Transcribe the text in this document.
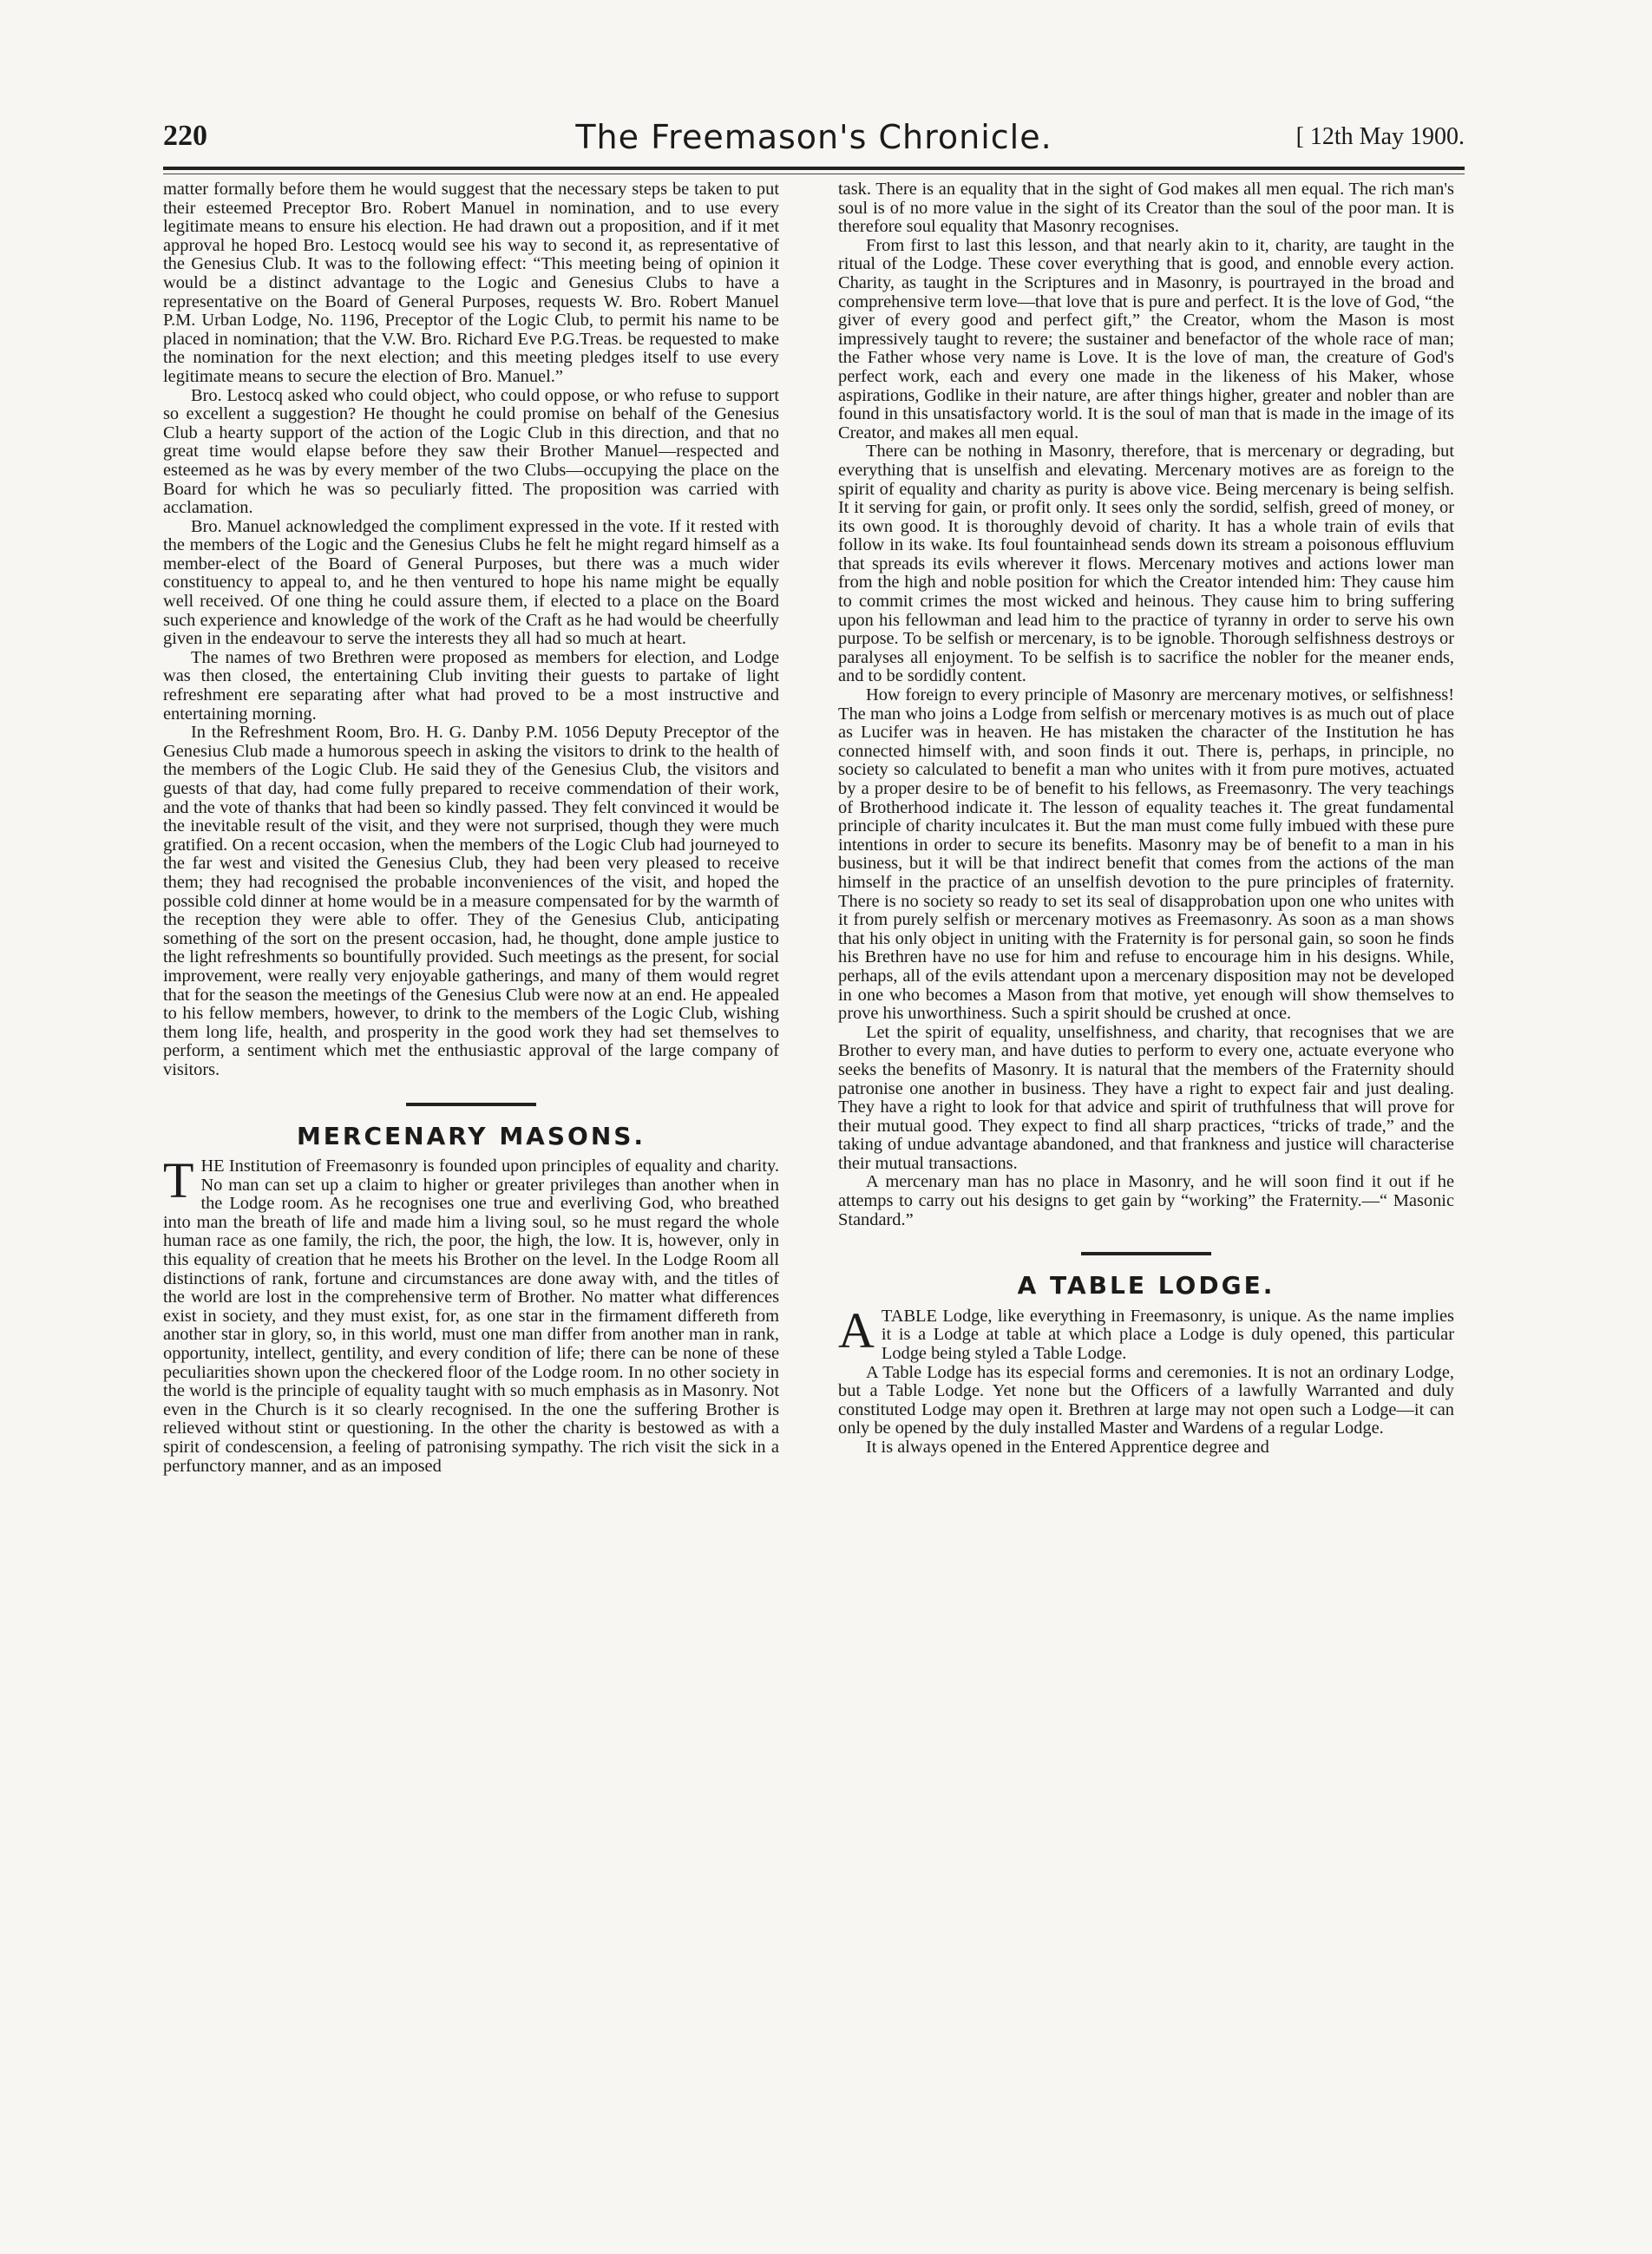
220	The Freemason's Chronicle.	[ 12th May 1900.

matter formally before them he would suggest that the necessary steps be taken to put their esteemed Preceptor Bro. Robert Manuel in nomination, and to use every legitimate means to ensure his election. He had drawn out a proposition, and if it met approval he hoped Bro. Lestocq would see his way to second it, as representative of the Genesius Club. It was to the following effect: “This meeting being of opinion it would be a distinct advantage to the Logic and Genesius Clubs to have a representative on the Board of General Purposes, requests W. Bro. Robert Manuel P.M. Urban Lodge, No. 1196, Preceptor of the Logic Club, to permit his name to be placed in nomination; that the V.W. Bro. Richard Eve P.G.Treas. be requested to make the nomination for the next election; and this meeting pledges itself to use every legitimate means to secure the election of Bro. Manuel.”

Bro. Lestocq asked who could object, who could oppose, or who refuse to support so excellent a suggestion? He thought he could promise on behalf of the Genesius Club a hearty support of the action of the Logic Club in this direction, and that no great time would elapse before they saw their Brother Manuel—respected and esteemed as he was by every member of the two Clubs—occupying the place on the Board for which he was so peculiarly fitted. The proposition was carried with acclamation.

Bro. Manuel acknowledged the compliment expressed in the vote. If it rested with the members of the Logic and the Genesius Clubs he felt he might regard himself as a member-elect of the Board of General Purposes, but there was a much wider constituency to appeal to, and he then ventured to hope his name might be equally well received. Of one thing he could assure them, if elected to a place on the Board such experience and knowledge of the work of the Craft as he had would be cheerfully given in the endeavour to serve the interests they all had so much at heart.

The names of two Brethren were proposed as members for election, and Lodge was then closed, the entertaining Club inviting their guests to partake of light refreshment ere separating after what had proved to be a most instructive and entertaining morning.

In the Refreshment Room, Bro. H. G. Danby P.M. 1056 Deputy Preceptor of the Genesius Club made a humorous speech in asking the visitors to drink to the health of the members of the Logic Club. He said they of the Genesius Club, the visitors and guests of that day, had come fully prepared to receive commendation of their work, and the vote of thanks that had been so kindly passed. They felt convinced it would be the inevitable result of the visit, and they were not surprised, though they were much gratified. On a recent occasion, when the members of the Logic Club had journeyed to the far west and visited the Genesius Club, they had been very pleased to receive them; they had recognised the probable inconveniences of the visit, and hoped the possible cold dinner at home would be in a measure compensated for by the warmth of the reception they were able to offer. They of the Genesius Club, anticipating something of the sort on the present occasion, had, he thought, done ample justice to the light refreshments so bountifully provided. Such meetings as the present, for social improvement, were really very enjoyable gatherings, and many of them would regret that for the season the meetings of the Genesius Club were now at an end. He appealed to his fellow members, however, to drink to the members of the Logic Club, wishing them long life, health, and prosperity in the good work they had set themselves to perform, a sentiment which met the enthusiastic approval of the large company of visitors.

MERCENARY MASONS.

THE Institution of Freemasonry is founded upon principles of equality and charity. No man can set up a claim to higher or greater privileges than another when in the Lodge room. As he recognises one true and everliving God, who breathed into man the breath of life and made him a living soul, so he must regard the whole human race as one family, the rich, the poor, the high, the low. It is, however, only in this equality of creation that he meets his Brother on the level. In the Lodge Room all distinctions of rank, fortune and circumstances are done away with, and the titles of the world are lost in the comprehensive term of Brother. No matter what differences exist in society, and they must exist, for, as one star in the firmament differeth from another star in glory, so, in this world, must one man differ from another man in rank, opportunity, intellect, gentility, and every condition of life; there can be none of these peculiarities shown upon the checkered floor of the Lodge room. In no other society in the world is the principle of equality taught with so much emphasis as in Masonry. Not even in the Church is it so clearly recognised. In the one the suffering Brother is relieved without stint or questioning. In the other the charity is bestowed as with a spirit of condescension, a feeling of patronising sympathy. The rich visit the sick in a perfunctory manner, and as an imposed

task. There is an equality that in the sight of God makes all men equal. The rich man's soul is of no more value in the sight of its Creator than the soul of the poor man. It is therefore soul equality that Masonry recognises.

From first to last this lesson, and that nearly akin to it, charity, are taught in the ritual of the Lodge. These cover everything that is good, and ennoble every action. Charity, as taught in the Scriptures and in Masonry, is pourtrayed in the broad and comprehensive term love—that love that is pure and perfect. It is the love of God, “the giver of every good and perfect gift,” the Creator, whom the Mason is most impressively taught to revere; the sustainer and benefactor of the whole race of man; the Father whose very name is Love. It is the love of man, the creature of God's perfect work, each and every one made in the likeness of his Maker, whose aspirations, Godlike in their nature, are after things higher, greater and nobler than are found in this unsatisfactory world. It is the soul of man that is made in the image of its Creator, and makes all men equal.

There can be nothing in Masonry, therefore, that is mercenary or degrading, but everything that is unselfish and elevating. Mercenary motives are as foreign to the spirit of equality and charity as purity is above vice. Being mercenary is being selfish. It it serving for gain, or profit only. It sees only the sordid, selfish, greed of money, or its own good. It is thoroughly devoid of charity. It has a whole train of evils that follow in its wake. Its foul fountainhead sends down its stream a poisonous effluvium that spreads its evils wherever it flows. Mercenary motives and actions lower man from the high and noble position for which the Creator intended him: They cause him to commit crimes the most wicked and heinous. They cause him to bring suffering upon his fellowman and lead him to the practice of tyranny in order to serve his own purpose. To be selfish or mercenary, is to be ignoble. Thorough selfishness destroys or paralyses all enjoyment. To be selfish is to sacrifice the nobler for the meaner ends, and to be sordidly content.

How foreign to every principle of Masonry are mercenary motives, or selfishness! The man who joins a Lodge from selfish or mercenary motives is as much out of place as Lucifer was in heaven. He has mistaken the character of the Institution he has connected himself with, and soon finds it out. There is, perhaps, in principle, no society so calculated to benefit a man who unites with it from pure motives, actuated by a proper desire to be of benefit to his fellows, as Freemasonry. The very teachings of Brotherhood indicate it. The lesson of equality teaches it. The great fundamental principle of charity inculcates it. But the man must come fully imbued with these pure intentions in order to secure its benefits. Masonry may be of benefit to a man in his business, but it will be that indirect benefit that comes from the actions of the man himself in the practice of an unselfish devotion to the pure principles of fraternity. There is no society so ready to set its seal of disapprobation upon one who unites with it from purely selfish or mercenary motives as Freemasonry. As soon as a man shows that his only object in uniting with the Fraternity is for personal gain, so soon he finds his Brethren have no use for him and refuse to encourage him in his designs. While, perhaps, all of the evils attendant upon a mercenary disposition may not be developed in one who becomes a Mason from that motive, yet enough will show themselves to prove his unworthiness. Such a spirit should be crushed at once.

Let the spirit of equality, unselfishness, and charity, that recognises that we are Brother to every man, and have duties to perform to every one, actuate everyone who seeks the benefits of Masonry. It is natural that the members of the Fraternity should patronise one another in business. They have a right to expect fair and just dealing. They have a right to look for that advice and spirit of truthfulness that will prove for their mutual good. They expect to find all sharp practices, “tricks of trade,” and the taking of undue advantage abandoned, and that frankness and justice will characterise their mutual transactions.

A mercenary man has no place in Masonry, and he will soon find it out if he attemps to carry out his designs to get gain by “working” the Fraternity.—“ Masonic Standard.”

A TABLE LODGE.

ATABLE Lodge, like everything in Freemasonry, is unique. As the name implies it is a Lodge at table at which place a Lodge is duly opened, this particular Lodge being styled a Table Lodge.

A Table Lodge has its especial forms and ceremonies. It is not an ordinary Lodge, but a Table Lodge. Yet none but the Officers of a lawfully Warranted and duly constituted Lodge may open it. Brethren at large may not open such a Lodge—it can only be opened by the duly installed Master and Wardens of a regular Lodge.

It is always opened in the Entered Apprentice degree and
